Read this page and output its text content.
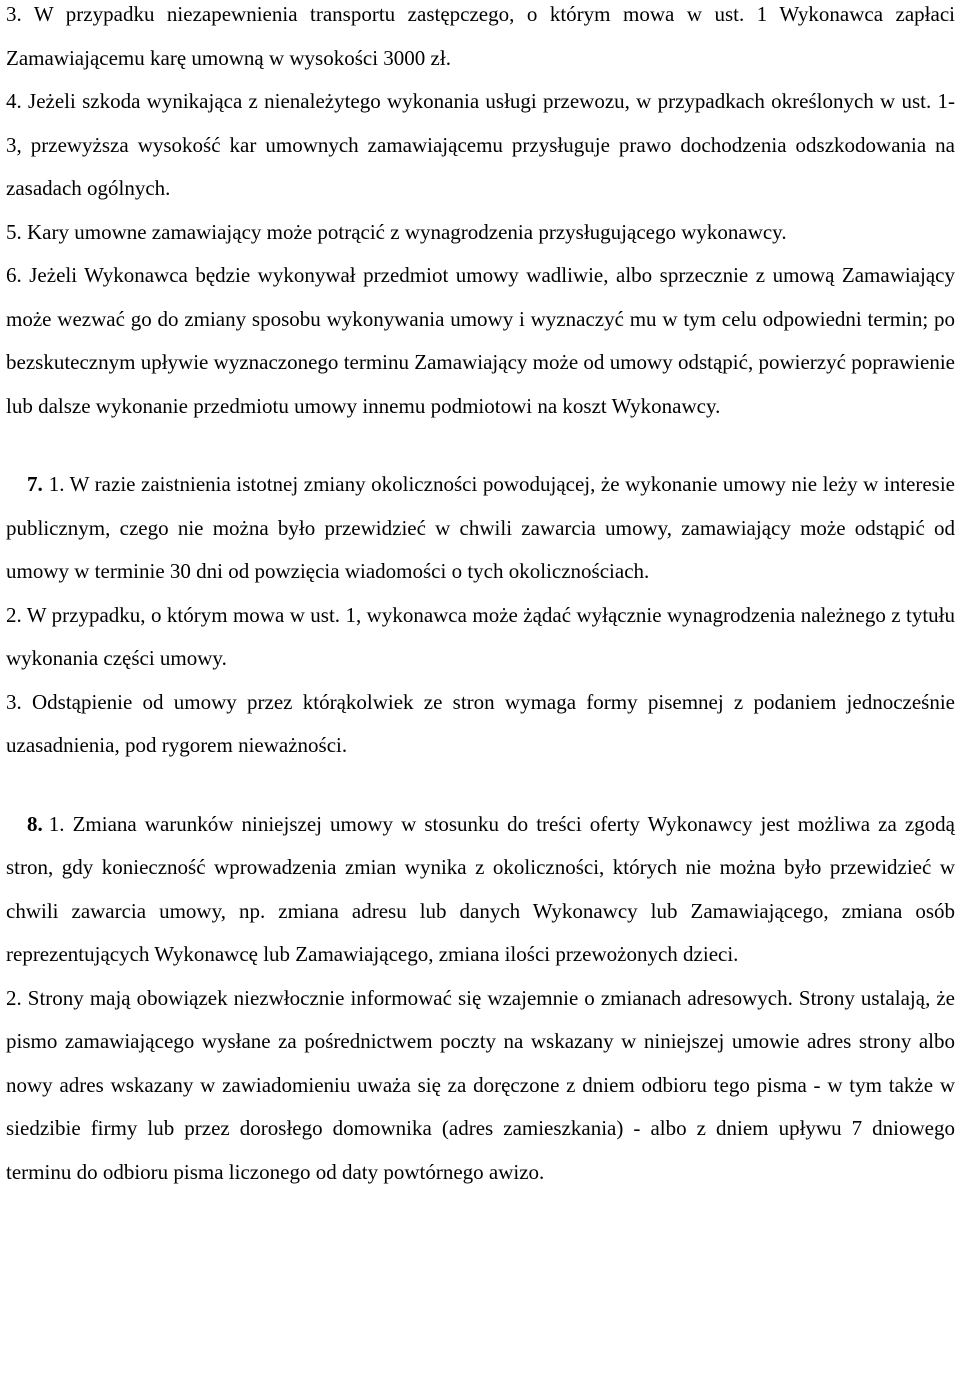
3. W przypadku niezapewnienia transportu zastępczego, o którym mowa w ust. 1 Wykonawca zapłaci Zamawiającemu karę umowną w wysokości 3000 zł.

4. Jeżeli szkoda wynikająca z nienależytego wykonania usługi przewozu, w przypadkach określonych w ust. 1-3, przewyższa wysokość kar umownych zamawiającemu przysługuje prawo dochodzenia odszkodowania na zasadach ogólnych.

5. Kary umowne zamawiający może potrącić z wynagrodzenia przysługującego wykonawcy.

6. Jeżeli Wykonawca będzie wykonywał przedmiot umowy wadliwie, albo sprzecznie z umową Zamawiający może wezwać go do zmiany sposobu wykonywania umowy i wyznaczyć mu w tym celu odpowiedni termin; po bezskutecznym upływie wyznaczonego terminu Zamawiający może od umowy odstąpić, powierzyć poprawienie lub dalsze wykonanie przedmiotu umowy innemu podmiotowi na koszt Wykonawcy.

7. 1. W razie zaistnienia istotnej zmiany okoliczności powodującej, że wykonanie umowy nie leży w interesie publicznym, czego nie można było przewidzieć w chwili zawarcia umowy, zamawiający może odstąpić od umowy w terminie 30 dni od powzięcia wiadomości o tych okolicznościach.

2. W przypadku, o którym mowa w ust. 1, wykonawca może żądać wyłącznie wynagrodzenia należnego z tytułu wykonania części umowy.

3. Odstąpienie od umowy przez którąkolwiek ze stron wymaga formy pisemnej z podaniem jednocześnie uzasadnienia, pod rygorem nieważności.

8. 1. Zmiana warunków niniejszej umowy w stosunku do treści oferty Wykonawcy jest możliwa za zgodą stron, gdy konieczność wprowadzenia zmian wynika z okoliczności, których nie można było przewidzieć w chwili zawarcia umowy, np. zmiana adresu lub danych Wykonawcy lub Zamawiającego, zmiana osób reprezentujących Wykonawcę lub Zamawiającego, zmiana ilości przewożonych dzieci.

2. Strony mają obowiązek niezwłocznie informować się wzajemnie o zmianach adresowych. Strony ustalają, że pismo zamawiającego wysłane za pośrednictwem poczty na wskazany w niniejszej umowie adres strony albo nowy adres wskazany w zawiadomieniu uważa się za doręczone z dniem odbioru tego pisma - w tym także w siedzibie firmy lub przez dorosłego domownika (adres zamieszkania) - albo z dniem upływu 7 dniowego terminu do odbioru pisma liczonego od daty powtórnego awizo.
